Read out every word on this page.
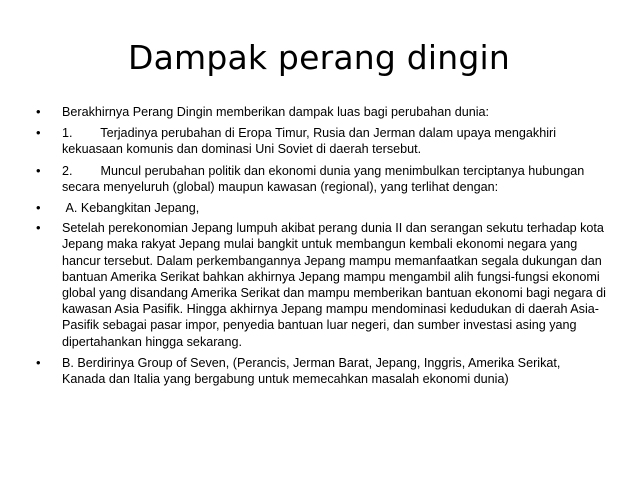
Dampak perang dingin
•	Berakhirnya Perang Dingin memberikan dampak luas bagi perubahan dunia:
•	1.        Terjadinya perubahan di Eropa Timur, Rusia dan Jerman dalam upaya mengakhiri kekuasaan komunis dan dominasi Uni Soviet di daerah tersebut.
•	2.        Muncul perubahan politik dan ekonomi dunia yang menimbulkan terciptanya hubungan secara menyeluruh (global) maupun kawasan (regional), yang terlihat dengan:
•	A. Kebangkitan Jepang,
•	Setelah perekonomian Jepang lumpuh akibat perang dunia II dan serangan sekutu terhadap kota Jepang maka rakyat Jepang mulai bangkit untuk membangun kembali ekonomi negara yang hancur tersebut. Dalam perkembangannya Jepang mampu memanfaatkan segala dukungan dan bantuan Amerika Serikat bahkan akhirnya Jepang mampu mengambil alih fungsi-fungsi ekonomi global yang disandang Amerika Serikat dan mampu memberikan bantuan ekonomi bagi negara di kawasan Asia Pasifik. Hingga akhirnya Jepang mampu mendominasi kedudukan di daerah Asia-Pasifik sebagai pasar impor, penyedia bantuan luar negeri, dan sumber investasi asing yang dipertahankan hingga sekarang.
•	B. Berdirinya Group of Seven, (Perancis, Jerman Barat, Jepang, Inggris, Amerika Serikat, Kanada dan Italia yang bergabung untuk memecahkan masalah ekonomi dunia)
